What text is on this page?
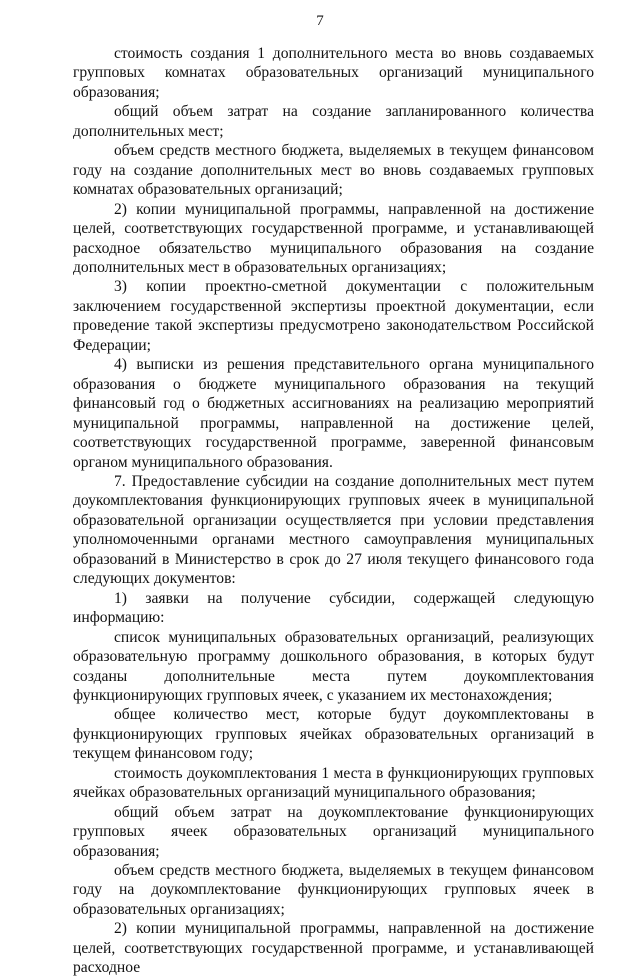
7

стоимость создания 1 дополнительного места во вновь создаваемых групповых комнатах образовательных организаций муниципального образования;

общий объем затрат на создание запланированного количества дополнительных мест;

объем средств местного бюджета, выделяемых в текущем финансовом году на создание дополнительных мест во вновь создаваемых групповых комнатах образовательных организаций;

2) копии муниципальной программы, направленной на достижение целей, соответствующих государственной программе, и устанавливающей расходное обязательство муниципального образования на создание дополнительных мест в образовательных организациях;

3) копии проектно-сметной документации с положительным заключением государственной экспертизы проектной документации, если проведение такой экспертизы предусмотрено законодательством Российской Федерации;

4) выписки из решения представительного органа муниципального образования о бюджете муниципального образования на текущий финансовый год о бюджетных ассигнованиях на реализацию мероприятий муниципальной программы, направленной на достижение целей, соответствующих государственной программе, заверенной финансовым органом муниципального образования.

7. Предоставление субсидии на создание дополнительных мест путем доукомплектования функционирующих групповых ячеек в муниципальной образовательной организации осуществляется при условии представления уполномоченными органами местного самоуправления муниципальных образований в Министерство в срок до 27 июля текущего финансового года следующих документов:

1) заявки на получение субсидии, содержащей следующую информацию:

список муниципальных образовательных организаций, реализующих образовательную программу дошкольного образования, в которых будут созданы дополнительные места путем доукомплектования функционирующих групповых ячеек, с указанием их местонахождения;

общее количество мест, которые будут доукомплектованы в функционирующих групповых ячейках образовательных организаций в текущем финансовом году;

стоимость доукомплектования 1 места в функционирующих групповых ячейках образовательных организаций муниципального образования;

общий объем затрат на доукомплектование функционирующих групповых ячеек образовательных организаций муниципального образования;

объем средств местного бюджета, выделяемых в текущем финансовом году на доукомплектование функционирующих групповых ячеек в образовательных организациях;

2) копии муниципальной программы, направленной на достижение целей, соответствующих государственной программе, и устанавливающей расходное
